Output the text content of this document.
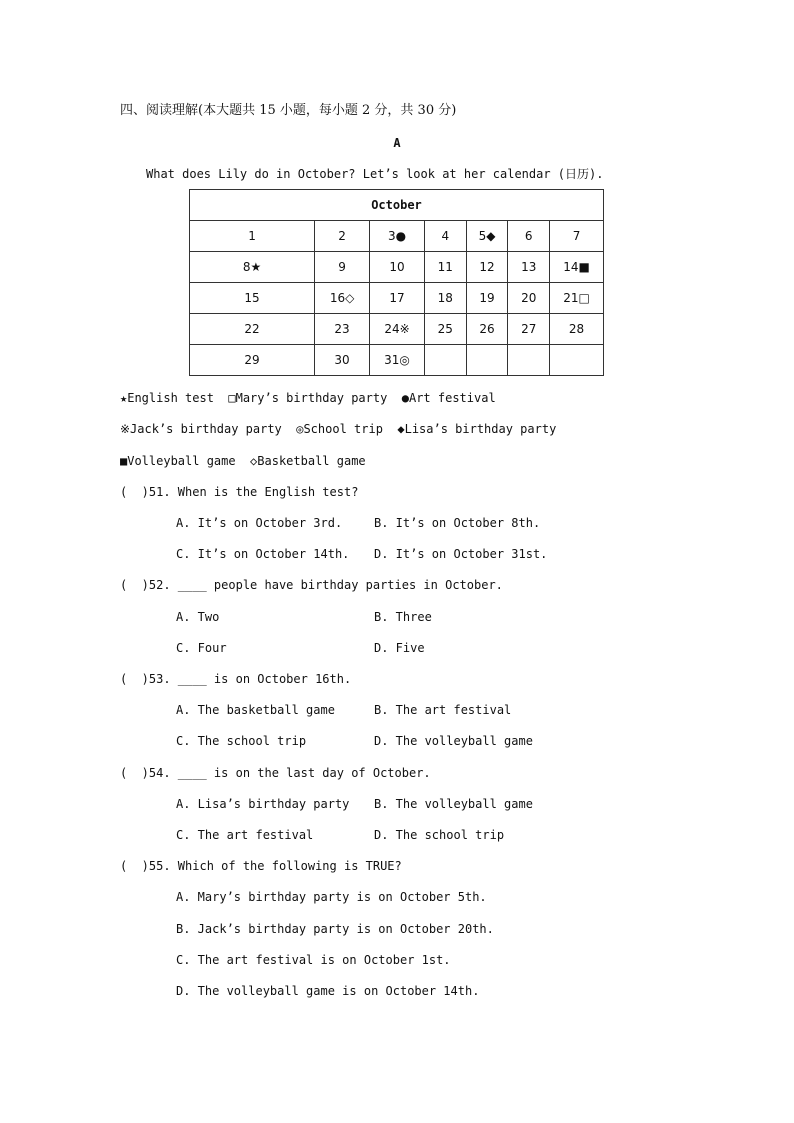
四、阅读理解(本大题共 15 小题，每小题 2 分，共 30 分)
A
What does Lily do in October? Let’s look at her calendar (日历).
October						
1	2	3●	4	5◆	6	7
8★	9	10	11	12	13	14■
15	16◇	17	18	19	20	21□
22	23	24※	25	26	27	28
29	30	31◎				
★English test  □Mary’s birthday party  ●Art festival
※Jack’s birthday party  ◎School trip  ◆Lisa’s birthday party
■Volleyball game  ◇Basketball game
(  )51. When is the English test?
A. It’s on October 3rd.	B. It’s on October 8th.
C. It’s on October 14th. D. It’s on October 31st.
(  )52. ____ people have birthday parties in October.
A. Two	B. Three
C. Four	D. Five
(  )53. ____ is on October 16th.
A. The basketball game	B. The art festival
C. The school trip	D. The volleyball game
(  )54. ____ is on the last day of October.
A. Lisa’s birthday party B. The volleyball game
C. The art festival	D. The school trip
(  )55. Which of the following is TRUE?
A. Mary’s birthday party is on October 5th.
B. Jack’s birthday party is on October 20th.
C. The art festival is on October 1st.
D. The volleyball game is on October 14th.
